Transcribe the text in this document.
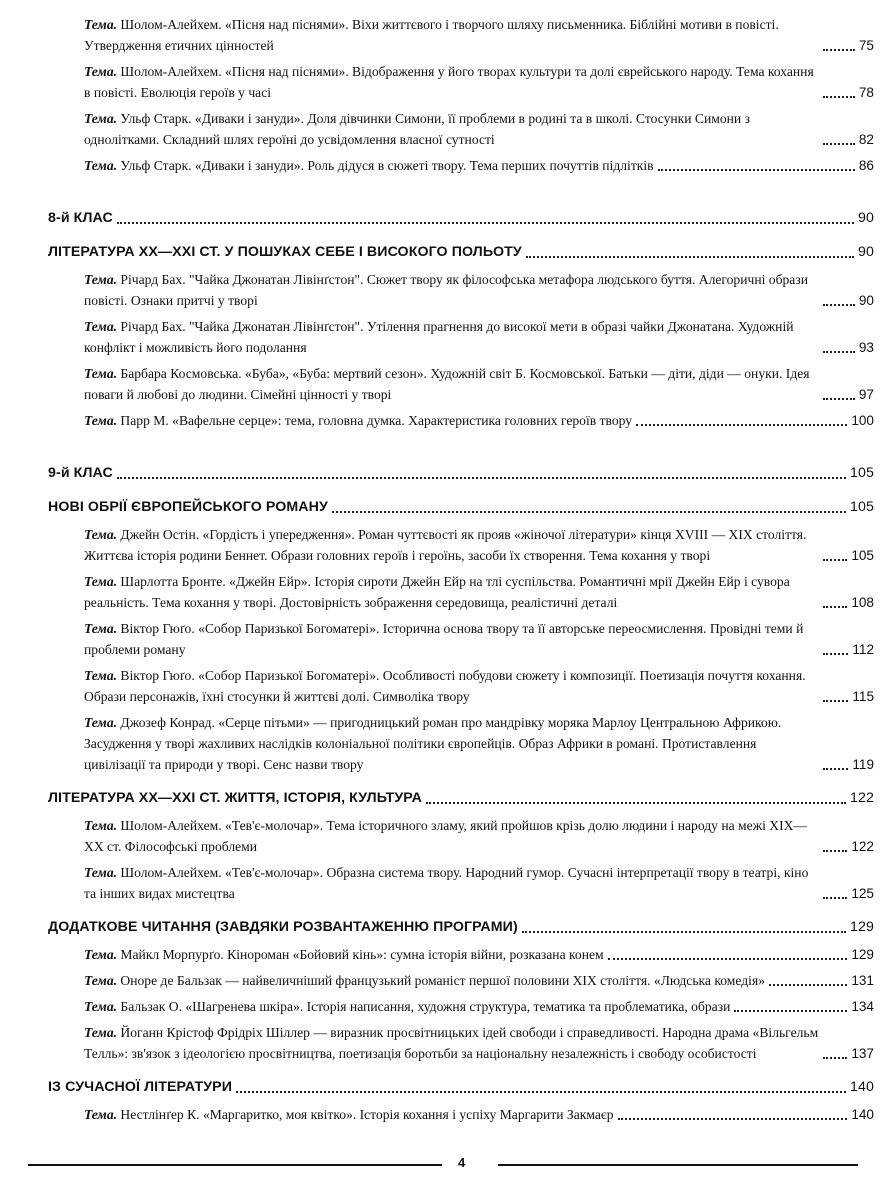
Тема. Шолом-Алейхем. «Пісня над піснями». Віхи життєвого і творчого шляху письменника. Біблійні мотиви в повісті. Утвердження етичних цінностей	75
Тема. Шолом-Алейхем. «Пісня над піснями». Відображення у його творах культури та долі єврейського народу. Тема кохання в повісті. Еволюція героїв у часі	78
Тема. Ульф Старк. «Диваки і зануди». Доля дівчинки Симони, її проблеми в родині та в школі. Стосунки Симони з однолітками. Складний шлях героїні до усвідомлення власної сутності	82
Тема. Ульф Старк. «Диваки і зануди». Роль дідуся в сюжеті твору. Тема перших почуттів підлітків	86
8-й КЛАС	90
ЛІТЕРАТУРА XX—XXI СТ. У ПОШУКАХ СЕБЕ І ВИСОКОГО ПОЛЬОТУ	90
Тема. Річард Бах. "Чайка Джонатан Лівінґстон". Сюжет твору як філософська метафора людського буття. Алегоричні образи повісті. Ознаки притчі у творі	90
Тема. Річард Бах. "Чайка Джонатан Лівінґстон". Утілення прагнення до високої мети в образі чайки Джонатана. Художній конфлікт і можливість його подолання	93
Тема. Барбара Космовська. «Буба», «Буба: мертвий сезон». Художній світ Б. Космовської. Батьки — діти, діди — онуки. Ідея поваги й любові до людини. Сімейні цінності у творі	97
Тема. Парр М. «Вафельне серце»: тема, головна думка. Характеристика головних героїв твору	100
9-й КЛАС	105
НОВІ ОБРІЇ ЄВРОПЕЙСЬКОГО РОМАНУ	105
Тема. Джейн Остін. «Гордість і упередження». Роман чуттєвості як прояв «жіночої літератури» кінця XVIII — XIX століття. Життєва історія родини Беннет. Образи головних героїв і героїнь, засоби їх створення. Тема кохання у творі	105
Тема. Шарлотта Бронте. «Джейн Ейр». Історія сироти Джейн Ейр на тлі суспільства. Романтичні мрії Джейн Ейр і сувора реальність. Тема кохання у творі. Достовірність зображення середовища, реалістичні деталі	108
Тема. Віктор Гюґо. «Собор Паризької Богоматері». Історична основа твору та її авторське переосмислення. Провідні теми й проблеми роману	112
Тема. Віктор Гюґо. «Собор Паризької Богоматері». Особливості побудови сюжету і композиції. Поетизація почуття кохання. Образи персонажів, їхні стосунки й життєві долі. Символіка твору	115
Тема. Джозеф Конрад. «Серце пітьми» — пригодницький роман про мандрівку моряка Марлоу Центральною Африкою. Засудження у творі жахливих наслідків колоніальної політики європейців. Образ Африки в романі. Протиставлення цивілізації та природи у творі. Сенс назви твору	119
ЛІТЕРАТУРА XX—XXI СТ. ЖИТТЯ, ІСТОРІЯ, КУЛЬТУРА	122
Тема. Шолом-Алейхем. «Тев'є-молочар». Тема історичного зламу, який пройшов крізь долю людини і народу на межі XIX—XX ст. Філософські проблеми	122
Тема. Шолом-Алейхем. «Тев'є-молочар». Образна система твору. Народний гумор. Сучасні інтерпретації твору в театрі, кіно та інших видах мистецтва	125
ДОДАТКОВЕ ЧИТАННЯ (ЗАВДЯКИ РОЗВАНТАЖЕННЮ ПРОГРАМИ)	129
Тема. Майкл Морпурґо. Кінороман «Бойовий кінь»: сумна історія війни, розказана конем	129
Тема. Оноре де Бальзак — найвеличніший французький романіст першої половини XIX століття. «Людська комедія»	131
Тема. Бальзак О. «Шагренева шкіра». Історія написання, художня структура, тематика та проблематика, образи	134
Тема. Йоганн Крістоф Фрідріх Шіллер — виразник просвітницьких ідей свободи і справедливості. Народна драма «Вільгельм Телль»: зв'язок з ідеологією просвітництва, поетизація боротьби за національну незалежність і свободу особистості	137
ІЗ СУЧАСНОЇ ЛІТЕРАТУРИ	140
Тема. Нестлінґер К. «Маргаритко, моя квітко». Історія кохання і успіху Маргарити Закмаєр	140
4
